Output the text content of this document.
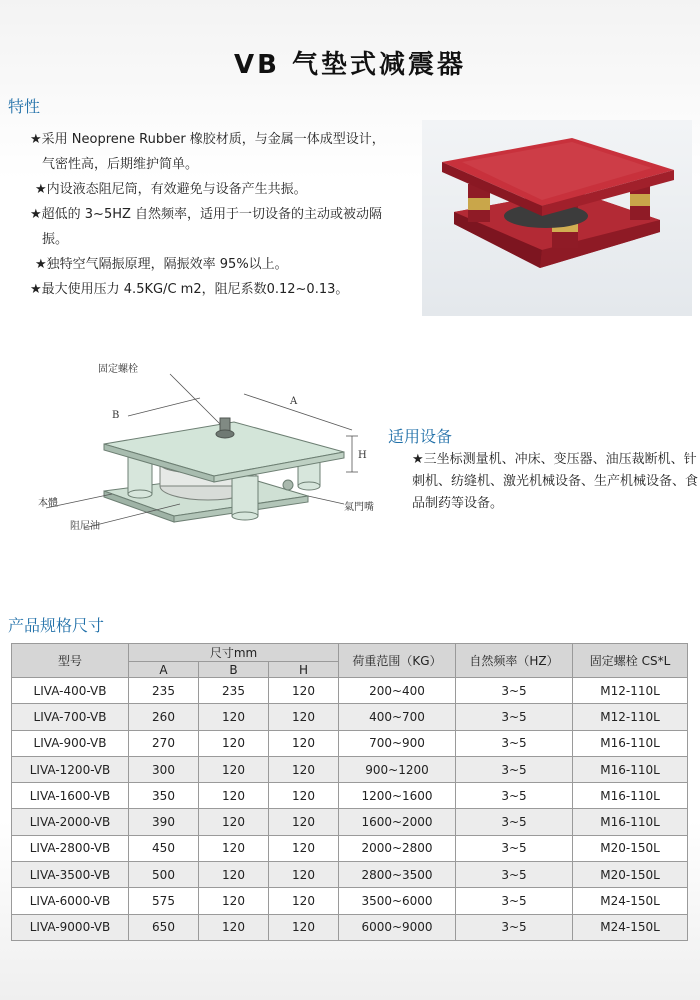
VB 气垫式减震器
特性
★采用 Neoprene Rubber 橡胶材质，与金属一体成型设计，
气密性高，后期维护简单。
★内设液态阻尼筒，有效避免与设备产生共振。
★超低的 3~5HZ 自然频率，适用于一切设备的主动或被动隔
振。
★独特空气隔振原理，隔振效率 95%以上。
★最大使用压力 4.5KG/C m2，阻尼系数0.12~0.13。
固定螺栓
本體
阻尼油
氣門嘴
B
A
H
适用设备
★三坐标测量机、冲床、变压器、油压裁断机、针刺机、纺缝机、激光机械设备、生产机械设备、食品制药等设备。
产品规格尺寸
型号	尺寸mm			荷重范围（KG）	自然频率（HZ）	固定螺栓 CS*L
	A	B	H			
LIVA-400-VB	235	235	120	200~400	3~5	M12-110L
LIVA-700-VB	260	120	120	400~700	3~5	M12-110L
LIVA-900-VB	270	120	120	700~900	3~5	M16-110L
LIVA-1200-VB	300	120	120	900~1200	3~5	M16-110L
LIVA-1600-VB	350	120	120	1200~1600	3~5	M16-110L
LIVA-2000-VB	390	120	120	1600~2000	3~5	M16-110L
LIVA-2800-VB	450	120	120	2000~2800	3~5	M20-150L
LIVA-3500-VB	500	120	120	2800~3500	3~5	M20-150L
LIVA-6000-VB	575	120	120	3500~6000	3~5	M24-150L
LIVA-9000-VB	650	120	120	6000~9000	3~5	M24-150L
